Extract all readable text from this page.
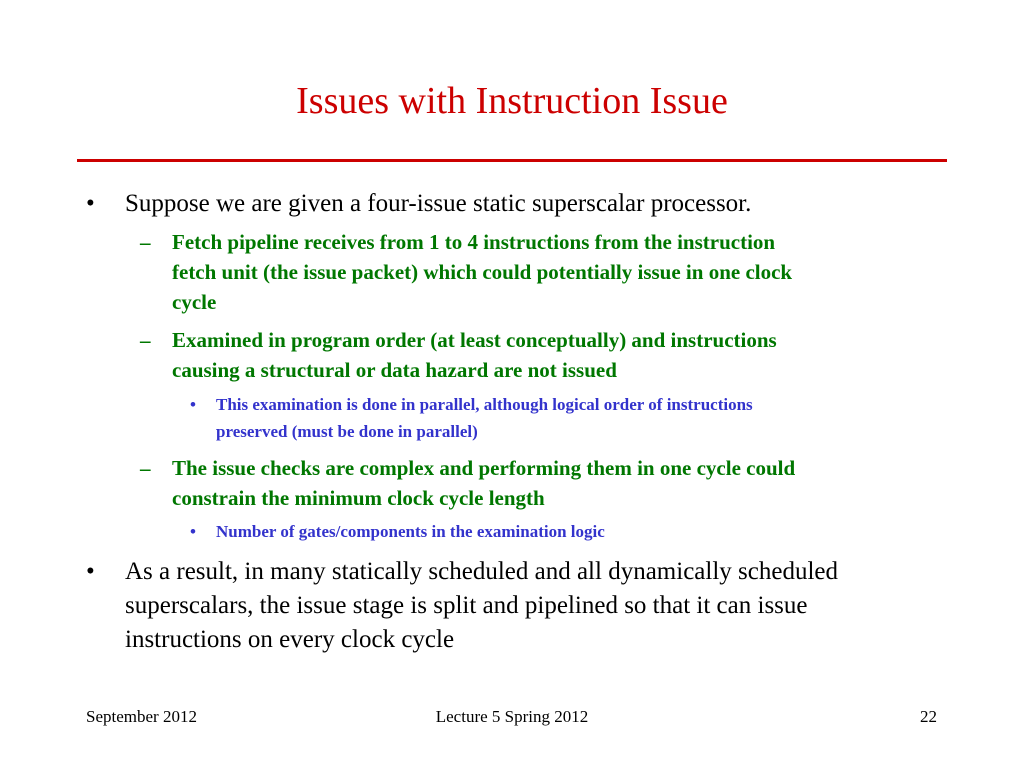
Issues with Instruction Issue
• Suppose we are given a four-issue static superscalar processor.
– Fetch pipeline receives from 1 to 4 instructions from the instruction
fetch unit (the issue packet) which could potentially issue in one clock
cycle
– Examined in program order (at least conceptually) and instructions
causing a structural or data hazard are not issued
• This examination is done in parallel, although logical order of instructions
preserved (must be done in parallel)
– The issue checks are complex and performing them in one cycle could
constrain the minimum clock cycle length
• Number of gates/components in the examination logic
• As a result, in many statically scheduled and all dynamically scheduled
superscalars, the issue stage is split and pipelined so that it can issue
instructions on every clock cycle
September 2012	Lecture 5 Spring 2012	22
